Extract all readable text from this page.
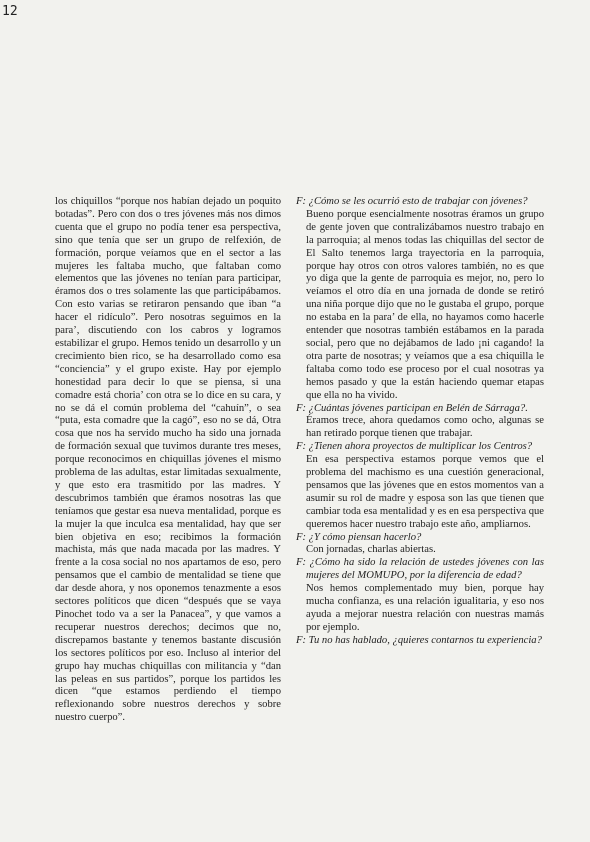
12

los chiquillos “porque nos habían dejado un poquito botadas”. Pero con dos o tres jóvenes más nos dimos cuenta que el grupo no podía tener esa perspectiva, sino que tenía que ser un grupo de relfexión, de formación, porque veíamos que en el sector a las mujeres les faltaba mucho, que faltaban como elementos que las jóvenes no tenían para participar, éramos dos o tres solamente las que participábamos. Con esto varias se retiraron pensando que iban “a hacer el ridículo”. Pero nosotras seguimos en la para’, discutiendo con los cabros y logramos estabilizar el grupo. Hemos tenido un desarrollo y un crecimiento bien rico, se ha desarrollado como esa “conciencia” y el grupo existe. Hay por ejemplo honestidad para decir lo que se piensa, si una comadre está choria’ con otra se lo dice en su cara, y no se dá el común problema del “cahuín”, o sea “puta, esta comadre que la cagó”, eso no se dá, Otra cosa que nos ha servido mucho ha sido una jornada de formación sexual que tuvimos durante tres meses, porque reconocimos en chiquillas jóvenes el mismo problema de las adultas, estar limitadas sexualmente, y que esto era trasmitido por las madres. Y descubrimos también que éramos nosotras las que teníamos que gestar esa nueva mentalidad, porque es la mujer la que inculca esa mentalidad, hay que ser bien objetiva en eso; recibimos la formación machista, más que nada macada por las madres. Y frente a la cosa social no nos apartamos de eso, pero pensamos que el cambio de mentalidad se tiene que dar desde ahora, y nos oponemos tenazmente a esos sectores políticos que dicen “después que se vaya Pinochet todo va a ser la Panacea”, y que vamos a recuperar nuestros derechos; decimos que no, discrepamos bastante y tenemos bastante discusión los sectores políticos por eso. Incluso al interior del grupo hay muchas chiquillas con militancia y “dan las peleas en sus partidos”, porque los partidos les dicen “que estamos perdiendo el tiempo reflexionando sobre nuestros derechos y sobre nuestro cuerpo”.

F: ¿Cómo se les ocurrió esto de trabajar con jóvenes?

Bueno porque esencialmente nosotras éramos un grupo de gente joven que contralizábamos nuestro trabajo en la parroquia; al menos todas las chiquillas del sector de El Salto tenemos larga trayectoria en la parroquia, porque hay otros con otros valores también, no es que yo diga que la gente de parroquia es mejor, no, pero lo veíamos el otro día en una jornada de donde se retiró una niña porque dijo que no le gustaba el grupo, porque no estaba en la para’ de ella, no hayamos como hacerle entender que nosotras también estábamos en la parada social, pero que no dejábamos de lado ¡ni cagando! la otra parte de nosotras; y veíamos que a esa chiquilla le faltaba como todo ese proceso por el cual nosotras ya hemos pasado y que la están haciendo quemar etapas que ella no ha vivido.

F: ¿Cuántas jóvenes participan en Belén de Sárraga?.

Éramos trece, ahora quedamos como ocho, algunas se han retirado porque tienen que trabajar.

F: ¿Tienen ahora proyectos de multiplicar los Centros?

En esa perspectiva estamos porque vemos que el problema del machismo es una cuestión generacional, pensamos que las jóvenes que en estos momentos van a asumir su rol de madre y esposa son las que tienen que cambiar toda esa mentalidad y es en esa perspectiva que queremos hacer nuestro trabajo este año, ampliarnos.

F: ¿Y cómo piensan hacerlo?

Con jornadas, charlas abiertas.

F: ¿Cómo ha sido la relación de ustedes jóvenes con las mujeres del MOMUPO, por la diferencia de edad?

Nos hemos complementado muy bien, porque hay mucha confianza, es una relación igualitaria, y eso nos ayuda a mejorar nuestra relación con nuestras mamás por ejemplo.

F: Tu no has hablado, ¿quieres contarnos tu experiencia?
